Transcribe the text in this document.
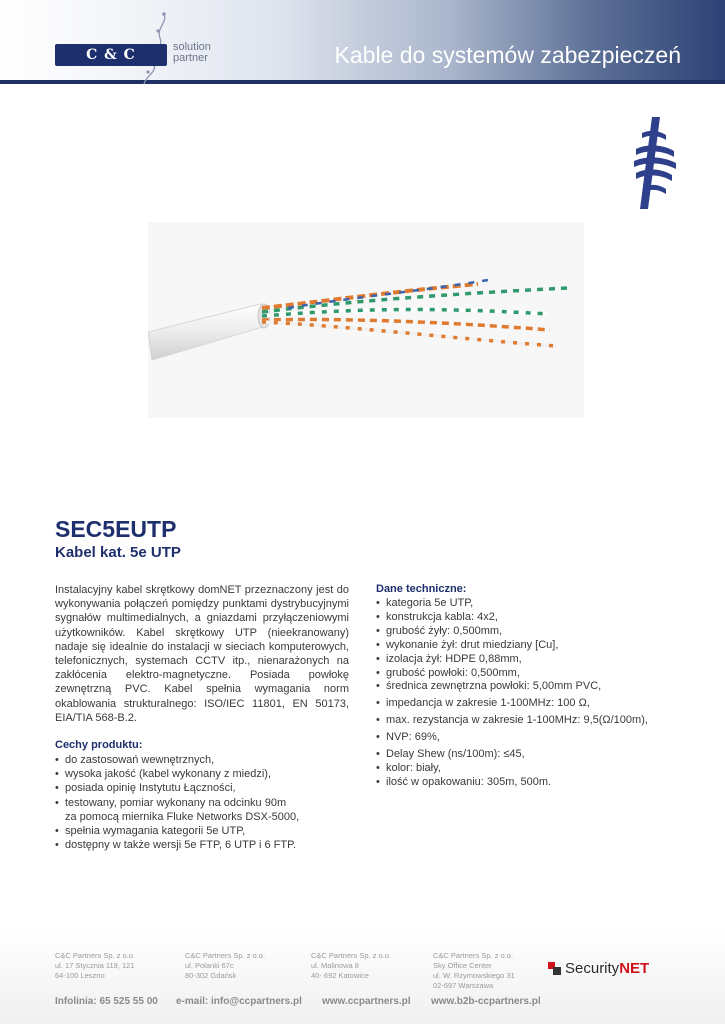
C & C	solution
partner	Kable do systemów zabezpieczeń
SEC5EUTP
Kabel kat. 5e UTP

Instalacyjny kabel skrętkowy domNET przeznaczony jest do wykonywania połączeń pomiędzy punktami dystrybucyjnymi sygnałów multimedialnych, a gniazdami przyłączeniowymi użytkowników. Kabel skrętkowy UTP (nieekranowany) nadaje się idealnie do instalacji w sieciach komputerowych, telefonicznych, systemach CCTV itp., nienarażonych na zakłócenia elektro-magnetyczne. Posiada powłokę zewnętrzną PVC. Kabel spełnia wymagania norm okablowania strukturalnego: ISO/IEC 11801, EN 50173, EIA/TIA 568-B.2.

Cechy produktu:
• do zastosowań wewnętrznych,
• wysoka jakość (kabel wykonany z miedzi),
• posiada opinię Instytutu Łączności,
• testowany, pomiar wykonany na odcinku 90m
za pomocą miernika Fluke Networks DSX-5000,
• spełnia wymagania kategorii 5e UTP,
• dostępny w także wersji 5e FTP, 6 UTP i 6 FTP.
Dane techniczne:
• kategoria 5e UTP,
• konstrukcja kabla: 4x2,
• grubość żyły: 0,500mm,
• wykonanie żył: drut miedziany [Cu],
• izolacja żył: HDPE 0,88mm,
• grubość powłoki: 0,500mm,
• średnica zewnętrzna powłoki: 5,00mm PVC,
• impedancja w zakresie 1-100MHz: 100 Ω,
• max. rezystancja w zakresie 1-100MHz: 9,5(Ω/100m),
• NVP: 69%,
• Delay Shew (ns/100m): ≤45,
• kolor: biały,
• ilość w opakowaniu: 305m, 500m.
C&C Partners Sp. z o.o.
ul. 17 Stycznia 119, 121
64-100 Leszno
C&C Partners Sp. z o.o.
ul. Polanki 67c
80-302 Gdańsk
C&C Partners Sp. z o.o.
ul. Malinowa 8
40- 692 Katowice
C&C Partners Sp. z o.o.
Sky Office Center
ul. W. Rzymowskiego 31
02-697 Warszawa
Security NET
Infolinia: 65 525 55 00 e-mail: info@ccpartners.pl www.ccpartners.pl www.b2b-ccpartners.pl
